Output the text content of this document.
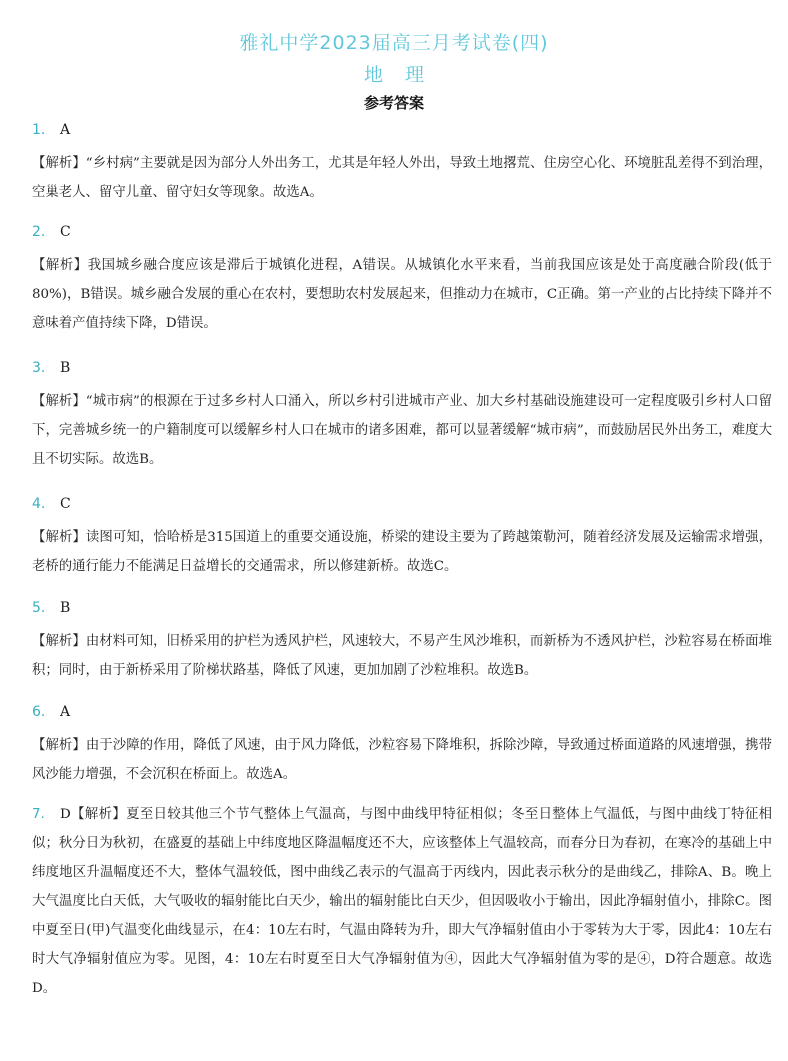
雅礼中学2023届高三月考试卷(四)
地理
参考答案
1. A
【解析】“乡村病”主要就是因为部分人外出务工，尤其是年轻人外出，导致土地撂荒、住房空心化、环境脏乱差得不到治理，空巢老人、留守儿童、留守妇女等现象。故选A。
2. C
【解析】我国城乡融合度应该是滞后于城镇化进程，A错误。从城镇化水平来看，当前我国应该是处于高度融合阶段(低于80%)，B错误。城乡融合发展的重心在农村，要想助农村发展起来，但推动力在城市，C正确。第一产业的占比持续下降并不意味着产值持续下降，D错误。
3. B
【解析】“城市病”的根源在于过多乡村人口涌入，所以乡村引进城市产业、加大乡村基础设施建设可一定程度吸引乡村人口留下，完善城乡统一的户籍制度可以缓解乡村人口在城市的诸多困难，都可以显著缓解“城市病”，而鼓励居民外出务工，难度大且不切实际。故选B。
4. C
【解析】读图可知，恰哈桥是315国道上的重要交通设施，桥梁的建设主要为了跨越策勒河，随着经济发展及运输需求增强，老桥的通行能力不能满足日益增长的交通需求，所以修建新桥。故选C。
5. B
【解析】由材料可知，旧桥采用的护栏为透风护栏，风速较大，不易产生风沙堆积，而新桥为不透风护栏，沙粒容易在桥面堆积；同时，由于新桥采用了阶梯状路基，降低了风速，更加加剧了沙粒堆积。故选B。
6. A
【解析】由于沙障的作用，降低了风速，由于风力降低，沙粒容易下降堆积，拆除沙障，导致通过桥面道路的风速增强，携带风沙能力增强，不会沉积在桥面上。故选A。
7. D【解析】夏至日较其他三个节气整体上气温高，与图中曲线甲特征相似；冬至日整体上气温低，与图中曲线丁特征相似；秋分日为秋初，在盛夏的基础上中纬度地区降温幅度还不大，应该整体上气温较高，而春分日为春初，在寒冷的基础上中纬度地区升温幅度还不大，整体气温较低，图中曲线乙表示的气温高于丙线内，因此表示秋分的是曲线乙，排除A、B。晚上大气温度比白天低，大气吸收的辐射能比白天少，输出的辐射能比白天少，但因吸收小于输出，因此净辐射值小，排除C。图中夏至日(甲)气温变化曲线显示，在4：10左右时，气温由降转为升，即大气净辐射值由小于零转为大于零，因此4：10左右时大气净辐射值应为零。见图，4：10左右时夏至日大气净辐射值为④，因此大气净辐射值为零的是④，D符合题意。故选D。
